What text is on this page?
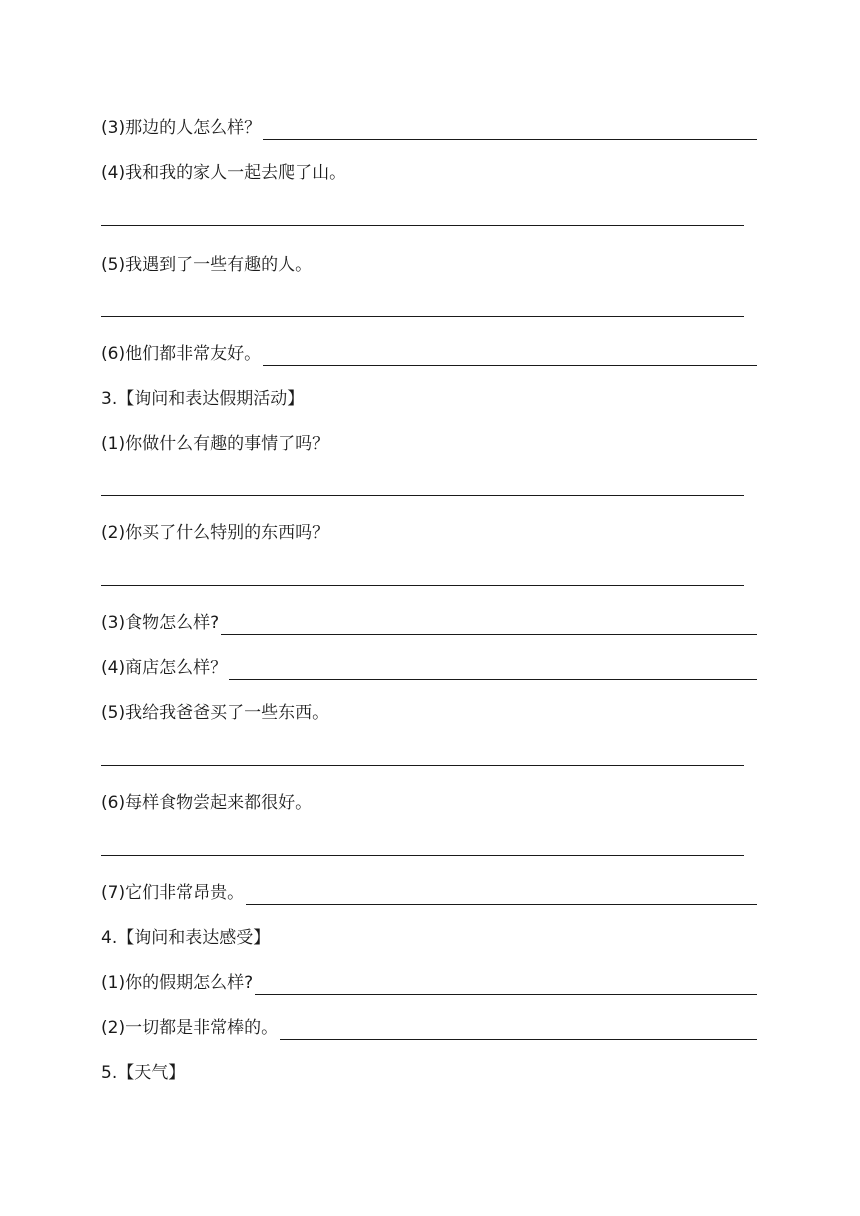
(3)那边的人怎么样？
(4)我和我的家人一起去爬了山。
(5)我遇到了一些有趣的人。
(6)他们都非常友好。
3.【询问和表达假期活动】
(1)你做什么有趣的事情了吗？
(2)你买了什么特别的东西吗？
(3)食物怎么样?
(4)商店怎么样？
(5)我给我爸爸买了一些东西。
(6)每样食物尝起来都很好。
(7)它们非常昂贵。
4.【询问和表达感受】
(1)你的假期怎么样?
(2)一切都是非常棒的。
5.【天气】
